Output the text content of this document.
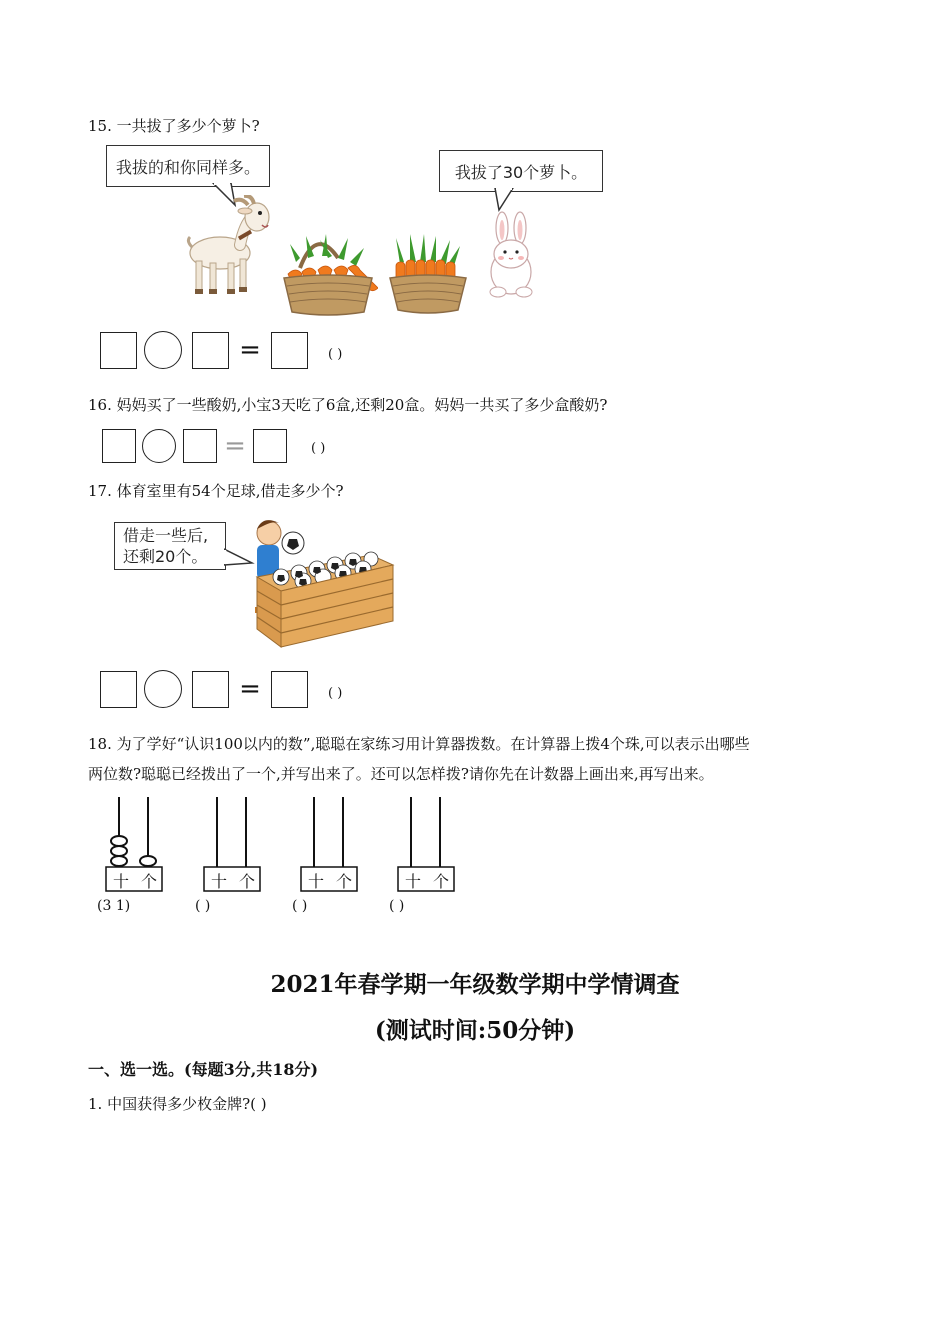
15. 一共拔了多少个萝卜?
我拔的和你同样多。	我拔了30个萝卜。
=	( )
16. 妈妈买了一些酸奶,小宝3天吃了6盒,还剩20盒。妈妈一共买了多少盒酸奶?
=	( )
17. 体育室里有54个足球,借走多少个?
借走一些后,
还剩20个。
=	( )
18. 为了学好“认识100以内的数”,聪聪在家练习用计算器拨数。在计算器上拨4个珠,可以表示出哪些
两位数?聪聪已经拨出了一个,并写出来了。还可以怎样拨?请你先在计数器上画出来,再写出来。
十 个
(3 1)
十 个
( )
十 个
( )
十 个
( )
2021年春学期一年级数学期中学情调查
(测试时间:50分钟)
一、选一选。(每题3分,共18分)
1. 中国获得多少枚金牌?( )
